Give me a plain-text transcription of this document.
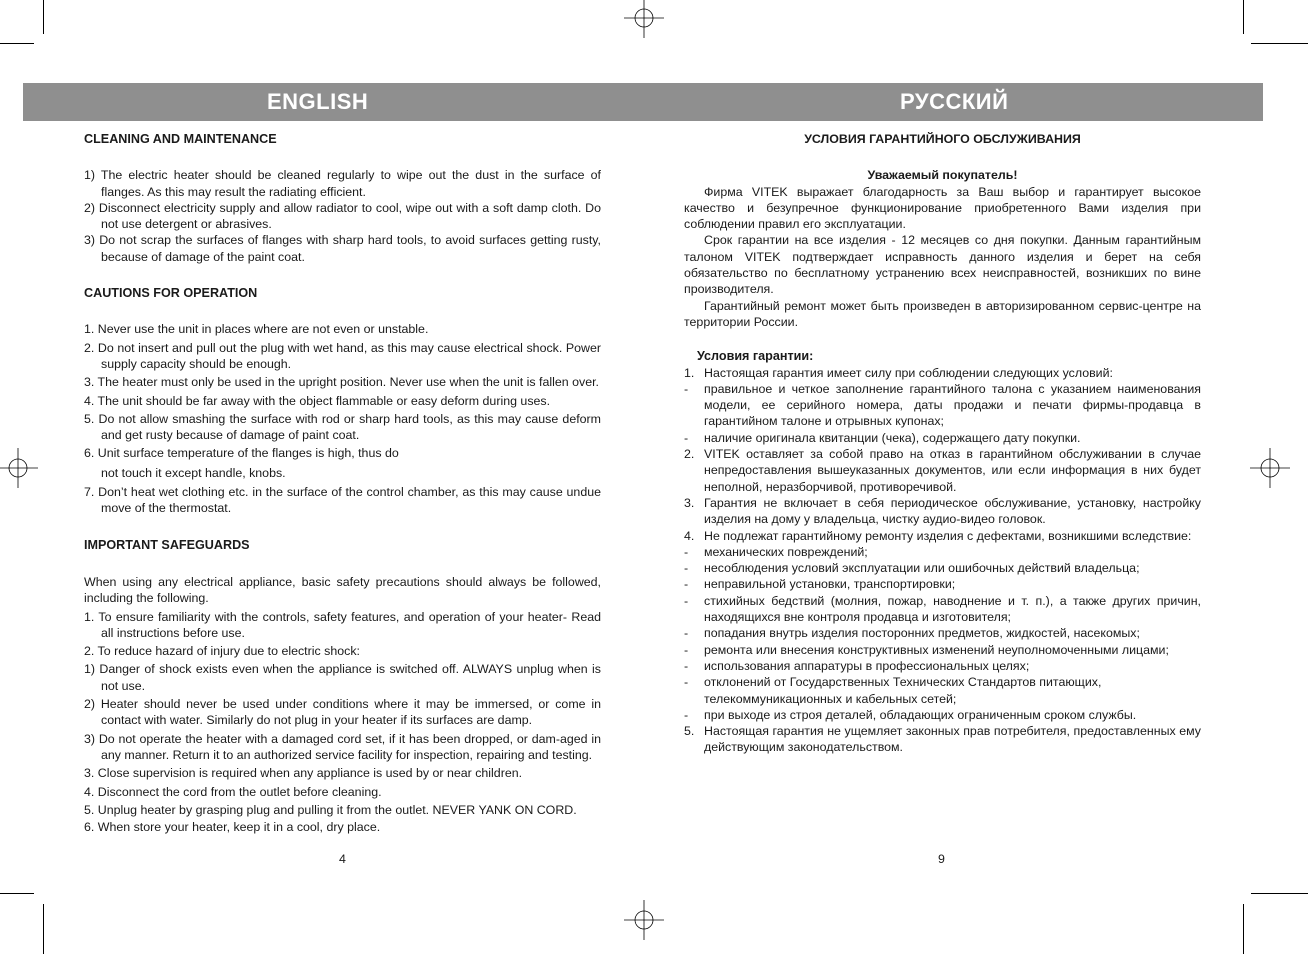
ENGLISH	РУССКИЙ

CLEANING AND MAINTENANCE

1) The electric heater should be cleaned regularly to wipe out the dust in the surface of flanges. As this may result the radiating efficient.

2) Disconnect electricity supply and allow radiator to cool, wipe out with a soft damp cloth. Do not use detergent or abrasives.

3) Do not scrap the surfaces of flanges with sharp hard tools, to avoid surfaces getting rusty, because of damage of the paint coat.

CAUTIONS FOR OPERATION

1. Never use the unit in places where are not even or unstable.

2. Do not insert and pull out the plug with wet hand, as this may cause electrical shock. Power supply capacity should be enough.

3. The heater must only be used in the upright position. Never use when the unit is fallen over.

4. The unit should be far away with the object flammable or easy deform during uses.

5. Do not allow smashing the surface with rod or sharp hard tools, as this may cause deform and get rusty because of damage of paint coat.

6. Unit surface temperature of the flanges is high, thus do

not touch it except handle, knobs.

7. Don’t heat wet clothing etc. in the surface of the control chamber, as this may cause undue move of the thermostat.

IMPORTANT SAFEGUARDS

When using any electrical appliance, basic safety precautions should always be followed, including the following.

1. To ensure familiarity with the controls, safety features, and operation of your heater- Read all instructions before use.

2. To reduce hazard of injury due to electric shock:

1) Danger of shock exists even when the appliance is switched off. ALWAYS unplug when is not use.

2) Heater should never be used under conditions where it may be immersed, or come in contact with water. Similarly do not plug in your heater if its surfaces are damp.

3) Do not operate the heater with a damaged cord set, if it has been dropped, or dam-aged in any manner. Return it to an authorized service facility for inspection, repairing and testing.

3. Close supervision is required when any appliance is used by or near children.

4. Disconnect the cord from the outlet before cleaning.

5. Unplug heater by grasping plug and pulling it from the outlet. NEVER YANK ON CORD.

6. When store your heater, keep it in a cool, dry place.

4

УСЛОВИЯ ГАРАНТИЙНОГО ОБСЛУЖИВАНИЯ

Уважаемый покупатель!

Фирма VITEK выражает благодарность за Ваш выбор и гарантирует высокое качество и безупречное функционирование приобретенного Вами изделия при соблюдении правил его эксплуатации.

Срок гарантии на все изделия - 12 месяцев со дня покупки. Данным гарантийным талоном VITEK подтверждает исправность данного изделия и берет на себя обязательство по бесплатному устранению всех неисправностей, возникших по вине производителя.

Гарантийный ремонт может быть произведен в авторизированном сервис-центре на территории России.

Условия гарантии:

1. Настоящая гарантия имеет силу при соблюдении следующих условий:
- правильное и четкое заполнение гарантийного талона с указанием наименования модели, ее серийного номера, даты продажи и печати фирмы-продавца в гарантийном талоне и отрывных купонах;
- наличие оригинала квитанции (чека), содержащего дату покупки.
2. VITEK оставляет за собой право на отказ в гарантийном обслуживании в случае непредоставления вышеуказанных документов, или если информация в них будет неполной, неразборчивой, противоречивой.
3. Гарантия не включает в себя периодическое обслуживание, установку, настройку изделия на дому у владельца, чистку аудио-видео головок.
4. Не подлежат гарантийному ремонту изделия с дефектами, возникшими вследствие:
- механических повреждений;
- несоблюдения условий эксплуатации или ошибочных действий владельца;
- неправильной установки, транспортировки;
- стихийных бедствий (молния, пожар, наводнение и т. п.), а также других причин, находящихся вне контроля продавца и изготовителя;
- попадания внутрь изделия посторонних предметов, жидкостей, насекомых;
- ремонта или внесения конструктивных изменений неуполномоченными лицами;
- использования аппаратуры в профессиональных целях;
- отклонений от Государственных Технических Стандартов питающих, телекоммуникационных и кабельных сетей;
- при выходе из строя деталей, обладающих ограниченным сроком службы.
5. Настоящая гарантия не ущемляет законных прав потребителя, предоставленных ему действующим законодательством.
9
